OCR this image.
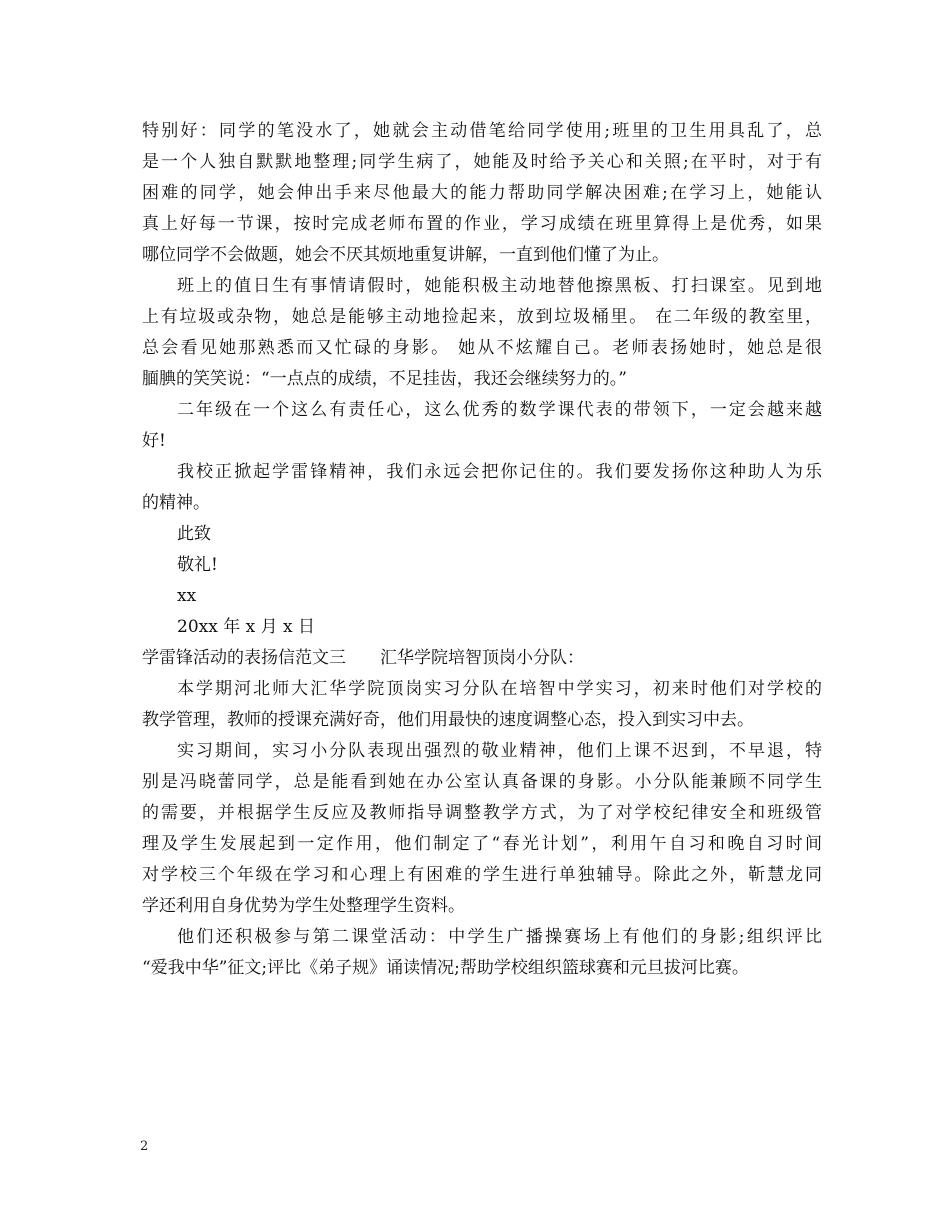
特别好：同学的笔没水了，她就会主动借笔给同学使用;班里的卫生用具乱了，总
是一个人独自默默地整理;同学生病了，她能及时给予关心和关照;在平时，对于有
困难的同学，她会伸出手来尽他最大的能力帮助同学解决困难;在学习上，她能认
真上好每一节课，按时完成老师布置的作业，学习成绩在班里算得上是优秀，如果
哪位同学不会做题，她会不厌其烦地重复讲解，一直到他们懂了为止。
班上的值日生有事情请假时，她能积极主动地替他擦黑板、打扫课室。见到地
上有垃圾或杂物，她总是能够主动地捡起来，放到垃圾桶里。 在二年级的教室里，
总会看见她那熟悉而又忙碌的身影。 她从不炫耀自己。老师表扬她时，她总是很
腼腆的笑笑说：“一点点的成绩，不足挂齿，我还会继续努力的。”
二年级在一个这么有责任心，这么优秀的数学课代表的带领下，一定会越来越
好!
我校正掀起学雷锋精神，我们永远会把你记住的。我们要发扬你这种助人为乐
的精神。
此致
敬礼!
xx
20xx 年 x 月 x 日
学雷锋活动的表扬信范文三　　汇华学院培智顶岗小分队：
本学期河北师大汇华学院顶岗实习分队在培智中学实习，初来时他们对学校的
教学管理，教师的授课充满好奇，他们用最快的速度调整心态，投入到实习中去。
实习期间，实习小分队表现出强烈的敬业精神，他们上课不迟到，不早退，特
别是冯晓蕾同学，总是能看到她在办公室认真备课的身影。小分队能兼顾不同学生
的需要，并根据学生反应及教师指导调整教学方式，为了对学校纪律安全和班级管
理及学生发展起到一定作用，他们制定了“春光计划”，利用午自习和晚自习时间
对学校三个年级在学习和心理上有困难的学生进行单独辅导。除此之外，靳慧龙同
学还利用自身优势为学生处整理学生资料。
他们还积极参与第二课堂活动：中学生广播操赛场上有他们的身影;组织评比
“爱我中华”征文;评比《弟子规》诵读情况;帮助学校组织篮球赛和元旦拔河比赛。
2
